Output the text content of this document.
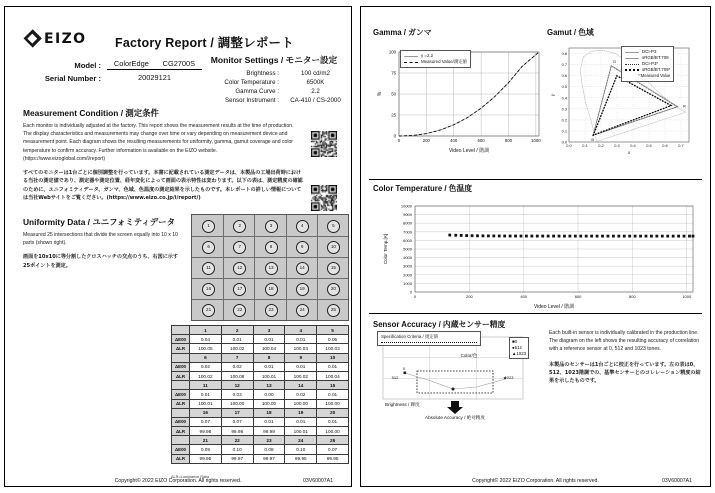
EIZO Factory Report / 調整レポート
Model :	ColorEdge CG2700S
Serial Number :	20029121
Monitor Settings / モニター設定
Brightness :	100 cd/m2
Color Temperature :	6500K
Gamma Curve :	2.2
Sensor Instrument :	CA-410 / CS-2000
Measurement Condition / 測定条件
Each monitor is individually adjusted at the factory. This report shows the measurement results at the time of production. The display characteristics and measurements may change over time or vary depending on measurement device and measurement point. Each diagram shows the resulting measurements for uniformity, gamma, gamut coverage and color temperature to confirm accuracy. Further information is available on the EIZO website. (https://www.eizoglobal.com/i/report)
すべてのモニターは1台ごとに個別調整を行っています。本書に記載されている測定データは、本製品の工場出荷時における当社の測定値であり、測定器や測定位置、経年変化によって画面の表示特性は変わります。以下の表は、測定精度の確認のために、ユニフォミティデータ、ガンマ、色域、色温度の測定結果を示したものです。本レポートの詳しい情報については当社Webサイトをご覧ください。(https://www.eizo.co.jp/i/report/)

Uniformity Data / ユニフォミティデータ
Measured 25 intersections that divide the screen equally into 10 x 10 parts (shown right).
画面を10x10に等分割したクロスハッチの交点のうち、右図に示す25ポイントを測定。
1	2	3	4	5
6	7	8	9	10
11	12	13	14	15
16	17	18	19	20
21	22	23	24	25
	1	2	3	4	5
ΔE00	0.04	0.01	0.01	0.01	0.05
ΔLR	100.05	100.02	100.04	100.03	100.03
	6	7	8	9	10
ΔE00	0.02	0.02	0.01	0.01	0.01
ΔLR	100.02	100.08	100.01	100.02	100.04
	11	12	13	14	15
ΔE00	0.01	0.03	0.00	0.02	0.01
ΔLR	100.01	100.00	100.00	100.00	100.00
	16	17	18	19	20
ΔE00	0.07	0.07	0.01	0.01	0.01
ΔLR	99.98	99.98	99.99	100.01	100.00
	21	22	23	24	25
ΔE00	0.09	0.10	0.08	0.10	0.07
ΔLR	99.95	99.97	99.97	99.95	99.95
ΔLR=Luminance Ratio
Copyright© 2022 EIZO Corporation. All rights reserved.	03V60007A1
Gamma / ガンマ
0
25
50
75
100
0	200	400	600	800	1000
Video Level / 階調
%
γ =2.2
Measured Value/測定値
Gamut / 色域
0.0
0.1
0.2
0.3
0.4
0.5
0.6
0.7
0.8
0.0	0.1	0.2	0.3	0.4	0.5	0.6	0.7
R
G
B
x
y
DCI-P3
sRGB/BT.709
DCI-P3*
sRGB/BT.709*
*:Measured Value
Color Temperature / 色温度
0
1000
2000
3000
4000
5000
6000
7000
8000
9000
10000
0	200	400	600	800	1000
Video Level / 階調
Color Temp.[K]
Sensor Accuracy / 内蔵センサー精度
0
512	1023
Color/色
Brightness / 輝度
Absolute Accuracy / 絶対精度
Specification Criteria / 規定値
■0
●512
▲1023
Each built-in sensor is individually calibrated in the production line. The diagram on the left shows the resulting accuracy of correlation with a reference sensor at 0, 512 and 1023 tones.
本製品のセンサーは1台ごとに校正を行っています。左の表は0、512、1023階調での、基準センサーとのコレレーション精度の結果を示したものです。
Copyright© 2022 EIZO Corporation. All rights reserved.	03V60007A1
